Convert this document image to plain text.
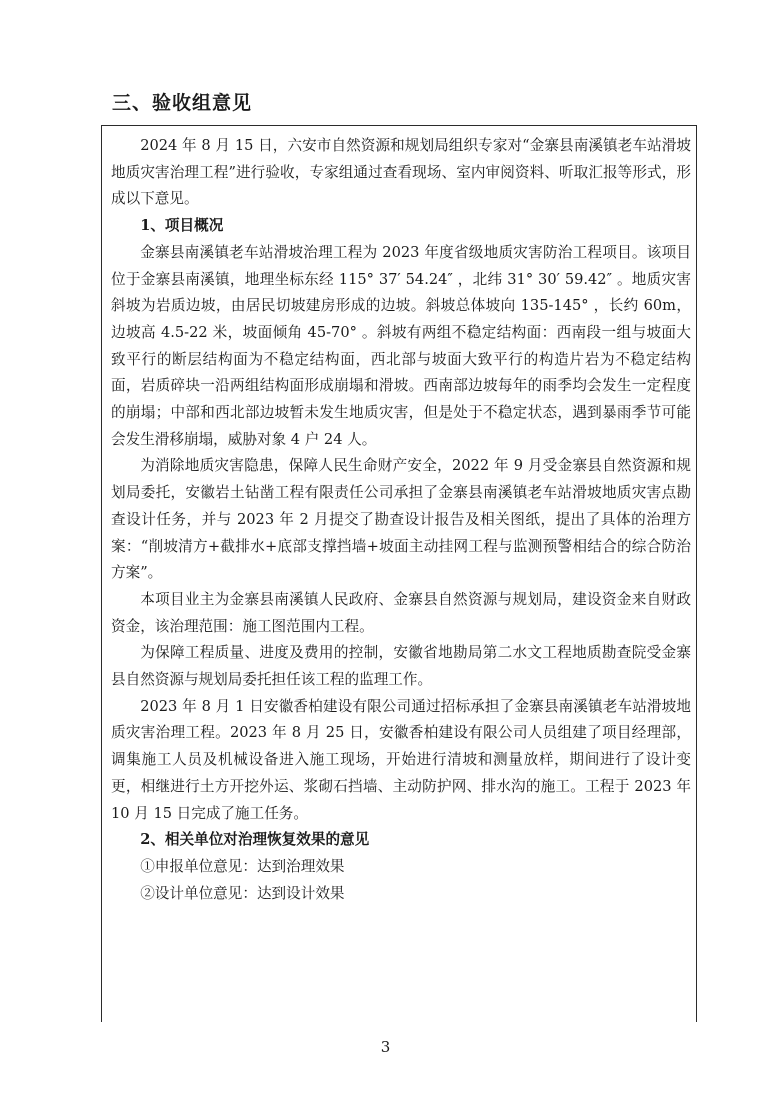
三、验收组意见

2024 年 8 月 15 日，六安市自然资源和规划局组织专家对“金寨县南溪镇老车站滑坡地质灾害治理工程”进行验收，专家组通过查看现场、室内审阅资料、听取汇报等形式，形成以下意见。

1、项目概况

金寨县南溪镇老车站滑坡治理工程为 2023 年度省级地质灾害防治工程项目。该项目位于金寨县南溪镇，地理坐标东经 115° 37′ 54.24″ ，北纬 31° 30′ 59.42″ 。地质灾害斜坡为岩质边坡，由居民切坡建房形成的边坡。斜坡总体坡向 135-145° ，长约 60m，边坡高 4.5-22 米，坡面倾角 45-70° 。斜坡有两组不稳定结构面：西南段一组与坡面大致平行的断层结构面为不稳定结构面，西北部与坡面大致平行的构造片岩为不稳定结构面，岩质碎块一沿两组结构面形成崩塌和滑坡。西南部边坡每年的雨季均会发生一定程度的崩塌；中部和西北部边坡暂未发生地质灾害，但是处于不稳定状态，遇到暴雨季节可能会发生滑移崩塌，威胁对象 4 户 24 人。

为消除地质灾害隐患，保障人民生命财产安全，2022 年 9 月受金寨县自然资源和规划局委托，安徽岩土钻凿工程有限责任公司承担了金寨县南溪镇老车站滑坡地质灾害点勘查设计任务，并与 2023 年 2 月提交了勘查设计报告及相关图纸，提出了具体的治理方案：“削坡清方+截排水+底部支撑挡墙+坡面主动挂网工程与监测预警相结合的综合防治方案”。

本项目业主为金寨县南溪镇人民政府、金寨县自然资源与规划局，建设资金来自财政资金，该治理范围：施工图范围内工程。

为保障工程质量、进度及费用的控制，安徽省地勘局第二水文工程地质勘查院受金寨县自然资源与规划局委托担任该工程的监理工作。

2023 年 8 月 1 日安徽香柏建设有限公司通过招标承担了金寨县南溪镇老车站滑坡地质灾害治理工程。2023 年 8 月 25 日，安徽香柏建设有限公司人员组建了项目经理部，调集施工人员及机械设备进入施工现场，开始进行清坡和测量放样，期间进行了设计变更，相继进行土方开挖外运、浆砌石挡墙、主动防护网、排水沟的施工。工程于 2023 年 10 月 15 日完成了施工任务。

2、相关单位对治理恢复效果的意见

①申报单位意见：达到治理效果

②设计单位意见：达到设计效果

3
